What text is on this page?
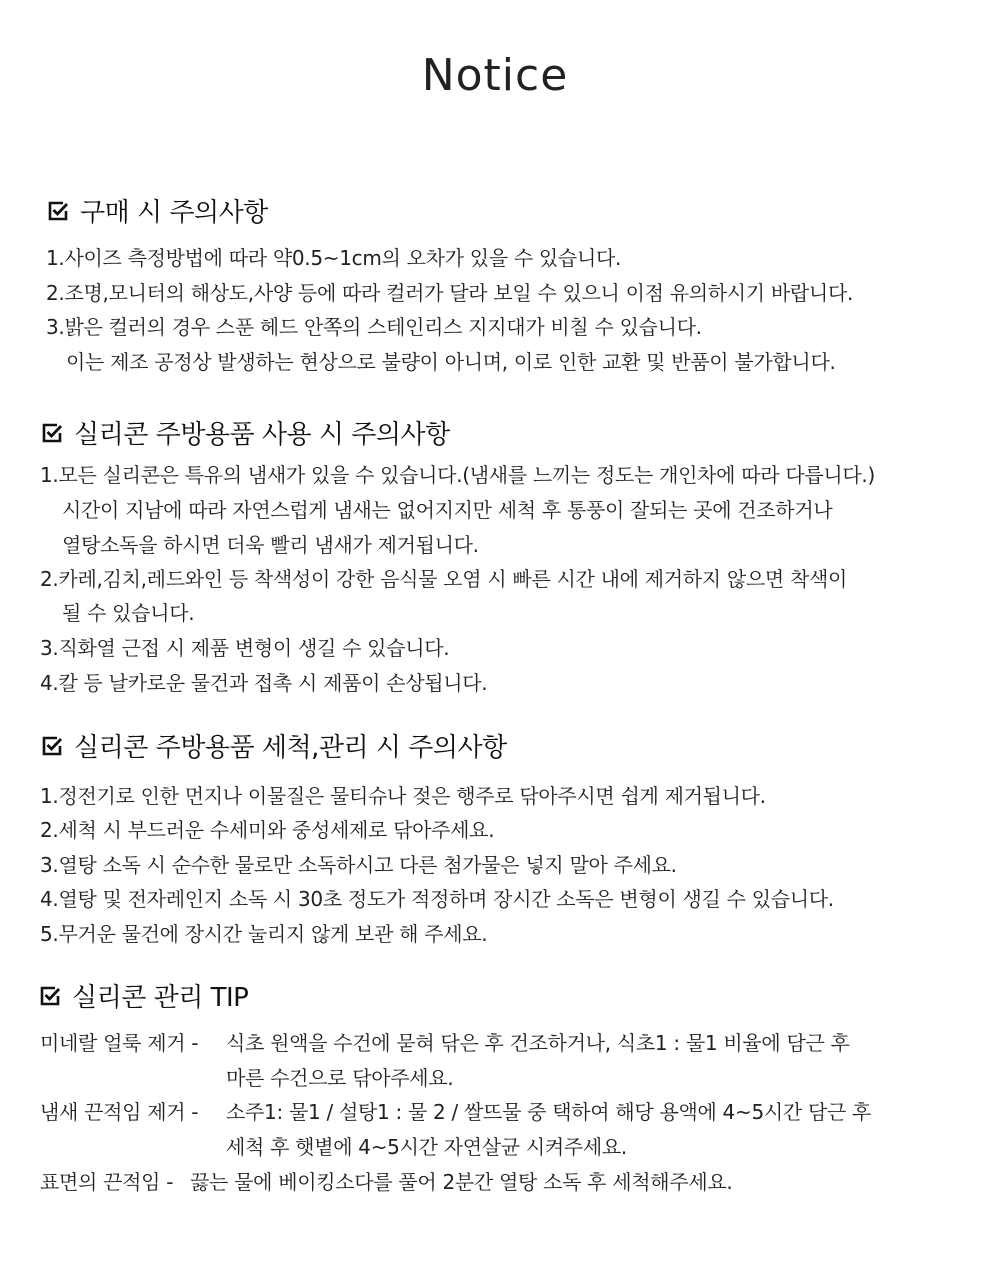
Notice
구매 시 주의사항
1.사이즈 측정방법에 따라 약0.5~1cm의 오차가 있을 수 있습니다.
2.조명,모니터의 해상도,사양 등에 따라 컬러가 달라 보일 수 있으니 이점 유의하시기 바랍니다.
3.밝은 컬러의 경우 스푼 헤드 안쪽의 스테인리스 지지대가 비칠 수 있습니다.
이는 제조 공정상 발생하는 현상으로 불량이 아니며, 이로 인한 교환 및 반품이 불가합니다.
실리콘 주방용품 사용 시 주의사항
1.모든 실리콘은 특유의 냄새가 있을 수 있습니다.(냄새를 느끼는 정도는 개인차에 따라 다릅니다.)
시간이 지남에 따라 자연스럽게 냄새는 없어지지만 세척 후 통풍이 잘되는 곳에 건조하거나
열탕소독을 하시면 더욱 빨리 냄새가 제거됩니다.
2.카레,김치,레드와인 등 착색성이 강한 음식물 오염 시 빠른 시간 내에 제거하지 않으면 착색이
될 수 있습니다.
3.직화열 근접 시 제품 변형이 생길 수 있습니다.
4.칼 등 날카로운 물건과 접촉 시 제품이 손상됩니다.
실리콘 주방용품 세척,관리 시 주의사항
1.정전기로 인한 먼지나 이물질은 물티슈나 젖은 행주로 닦아주시면 쉽게 제거됩니다.
2.세척 시 부드러운 수세미와 중성세제로 닦아주세요.
3.열탕 소독 시 순수한 물로만 소독하시고 다른 첨가물은 넣지 말아 주세요.
4.열탕 및 전자레인지 소독 시 30초 정도가 적정하며 장시간 소독은 변형이 생길 수 있습니다.
5.무거운 물건에 장시간 눌리지 않게 보관 해 주세요.
실리콘 관리 TIP
미네랄 얼룩 제거 - 식초 원액을 수건에 묻혀 닦은 후 건조하거나, 식초1 : 물1 비율에 담근 후
마른 수건으로 닦아주세요.
냄새 끈적임 제거 - 소주1: 물1 / 설탕1 : 물 2 / 쌀뜨물 중 택하여 해당 용액에 4~5시간 담근 후
세척 후 햇볕에 4~5시간 자연살균 시켜주세요.
표면의 끈적임 - 끓는 물에 베이킹소다를 풀어 2분간 열탕 소독 후 세척해주세요.
